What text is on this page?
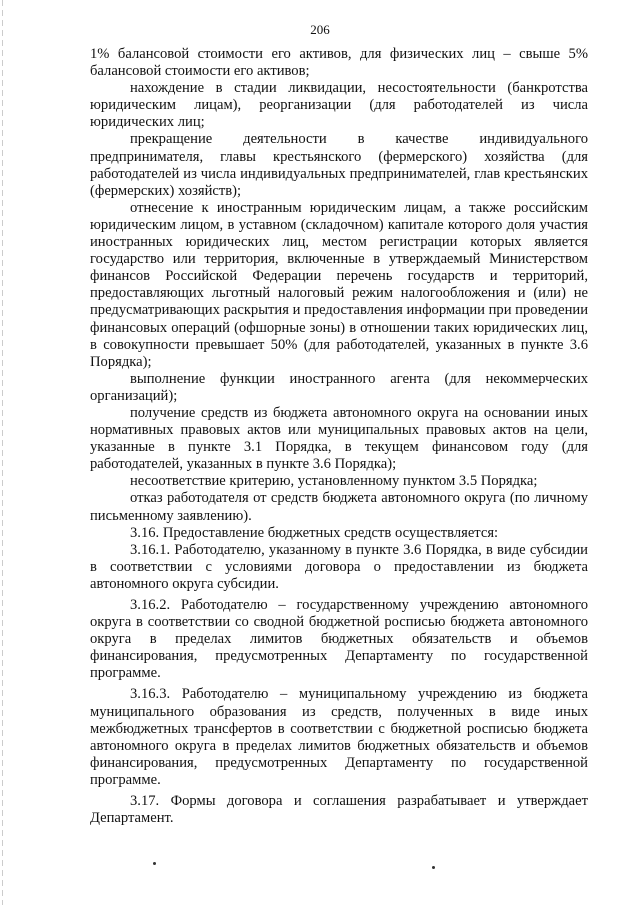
206

1% балансовой стоимости его активов, для физических лиц – свыше 5% балансовой стоимости его активов;

нахождение в стадии ликвидации, несостоятельности (банкротства юридическим лицам), реорганизации (для работодателей из числа юридических лиц;

прекращение деятельности в качестве индивидуального предпринимателя, главы крестьянского (фермерского) хозяйства (для работодателей из числа индивидуальных предпринимателей, глав крестьянских (фермерских) хозяйств);

отнесение к иностранным юридическим лицам, а также российским юридическим лицом, в уставном (складочном) капитале которого доля участия иностранных юридических лиц, местом регистрации которых является государство или территория, включенные в утверждаемый Министерством финансов Российской Федерации перечень государств и территорий, предоставляющих льготный налоговый режим налогообложения и (или) не предусматривающих раскрытия и предоставления информации при проведении финансовых операций (офшорные зоны) в отношении таких юридических лиц, в совокупности превышает 50% (для работодателей, указанных в пункте 3.6 Порядка);

выполнение функции иностранного агента (для некоммерческих организаций);

получение средств из бюджета автономного округа на основании иных нормативных правовых актов или муниципальных правовых актов на цели, указанные в пункте 3.1 Порядка, в текущем финансовом году (для работодателей, указанных в пункте 3.6 Порядка);

несоответствие критерию, установленному пунктом 3.5 Порядка;

отказ работодателя от средств бюджета автономного округа (по личному письменному заявлению).

3.16. Предоставление бюджетных средств осуществляется:

3.16.1. Работодателю, указанному в пункте 3.6 Порядка, в виде субсидии в соответствии с условиями договора о предоставлении из бюджета автономного округа субсидии.

3.16.2. Работодателю – государственному учреждению автономного округа в соответствии со сводной бюджетной росписью бюджета автономного округа в пределах лимитов бюджетных обязательств и объемов финансирования, предусмотренных Департаменту по государственной программе.

3.16.3. Работодателю – муниципальному учреждению из бюджета муниципального образования из средств, полученных в виде иных межбюджетных трансфертов в соответствии с бюджетной росписью бюджета автономного округа в пределах лимитов бюджетных обязательств и объемов финансирования, предусмотренных Департаменту по государственной программе.

3.17. Формы договора и соглашения разрабатывает и утверждает Департамент.
